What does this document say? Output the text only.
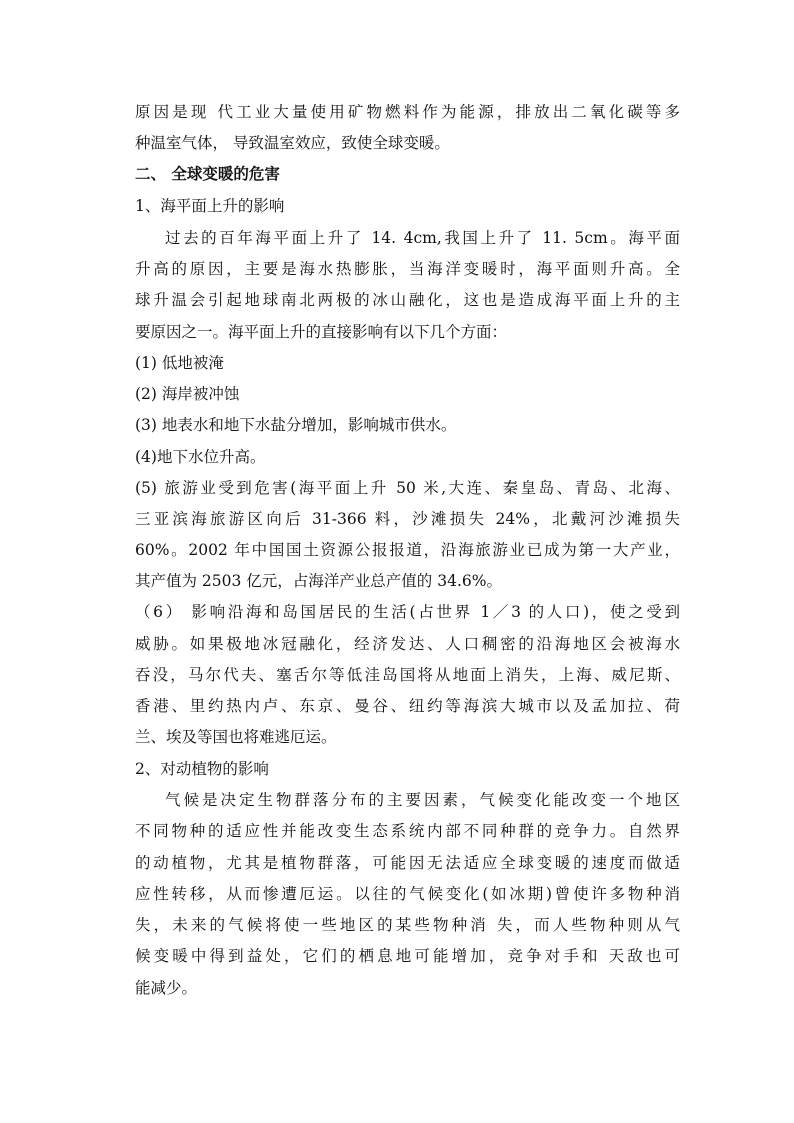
原因是现 代工业大量使用矿物燃料作为能源，排放出二氧化碳等多
种温室气体， 导致温室效应，致使全球变暖。
二、 全球变暖的危害
1、海平面上升的影响
过去的百年海平面上升了 14. 4cm,我国上升了 11. 5cm。海平面
升高的原因，主要是海水热膨胀，当海洋变暖时，海平面则升高。全
球升温会引起地球南北两极的冰山融化，这也是造成海平面上升的主
要原因之一。海平面上升的直接影响有以下几个方面：
(1) 低地被淹
(2) 海岸被冲蚀
(3) 地表水和地下水盐分增加，影响城市供水。
(4)地下水位升高。
(5) 旅游业受到危害(海平面上升 50 米,大连、秦皇岛、青岛、北海、
三亚滨海旅游区向后 31-366 料，沙滩损失 24%，北戴河沙滩损失
60%。2002 年中国国土资源公报报道，沿海旅游业已成为第一大产业，
其产值为 2503 亿元，占海洋产业总产值的 34.6%。
（6） 影响沿海和岛国居民的生活(占世界 1／3 的人口)，使之受到
威胁。如果极地冰冠融化，经济发达、人口稠密的沿海地区会被海水
吞没，马尔代夫、塞舌尔等低洼岛国将从地面上消失，上海、威尼斯、
香港、里约热内卢、东京、曼谷、纽约等海滨大城市以及孟加拉、荷
兰、埃及等国也将难逃厄运。
2、对动植物的影响
气候是决定生物群落分布的主要因素，气候变化能改变一个地区
不同物种的适应性并能改变生态系统内部不同种群的竞争力。自然界
的动植物，尤其是植物群落，可能因无法适应全球变暖的速度而做适
应性转移，从而惨遭厄运。以往的气候变化(如冰期)曾使许多物种消
失，未来的气候将使一些地区的某些物种消 失，而人些物种则从气
候变暖中得到益处，它们的栖息地可能增加，竞争对手和 天敌也可
能减少。
